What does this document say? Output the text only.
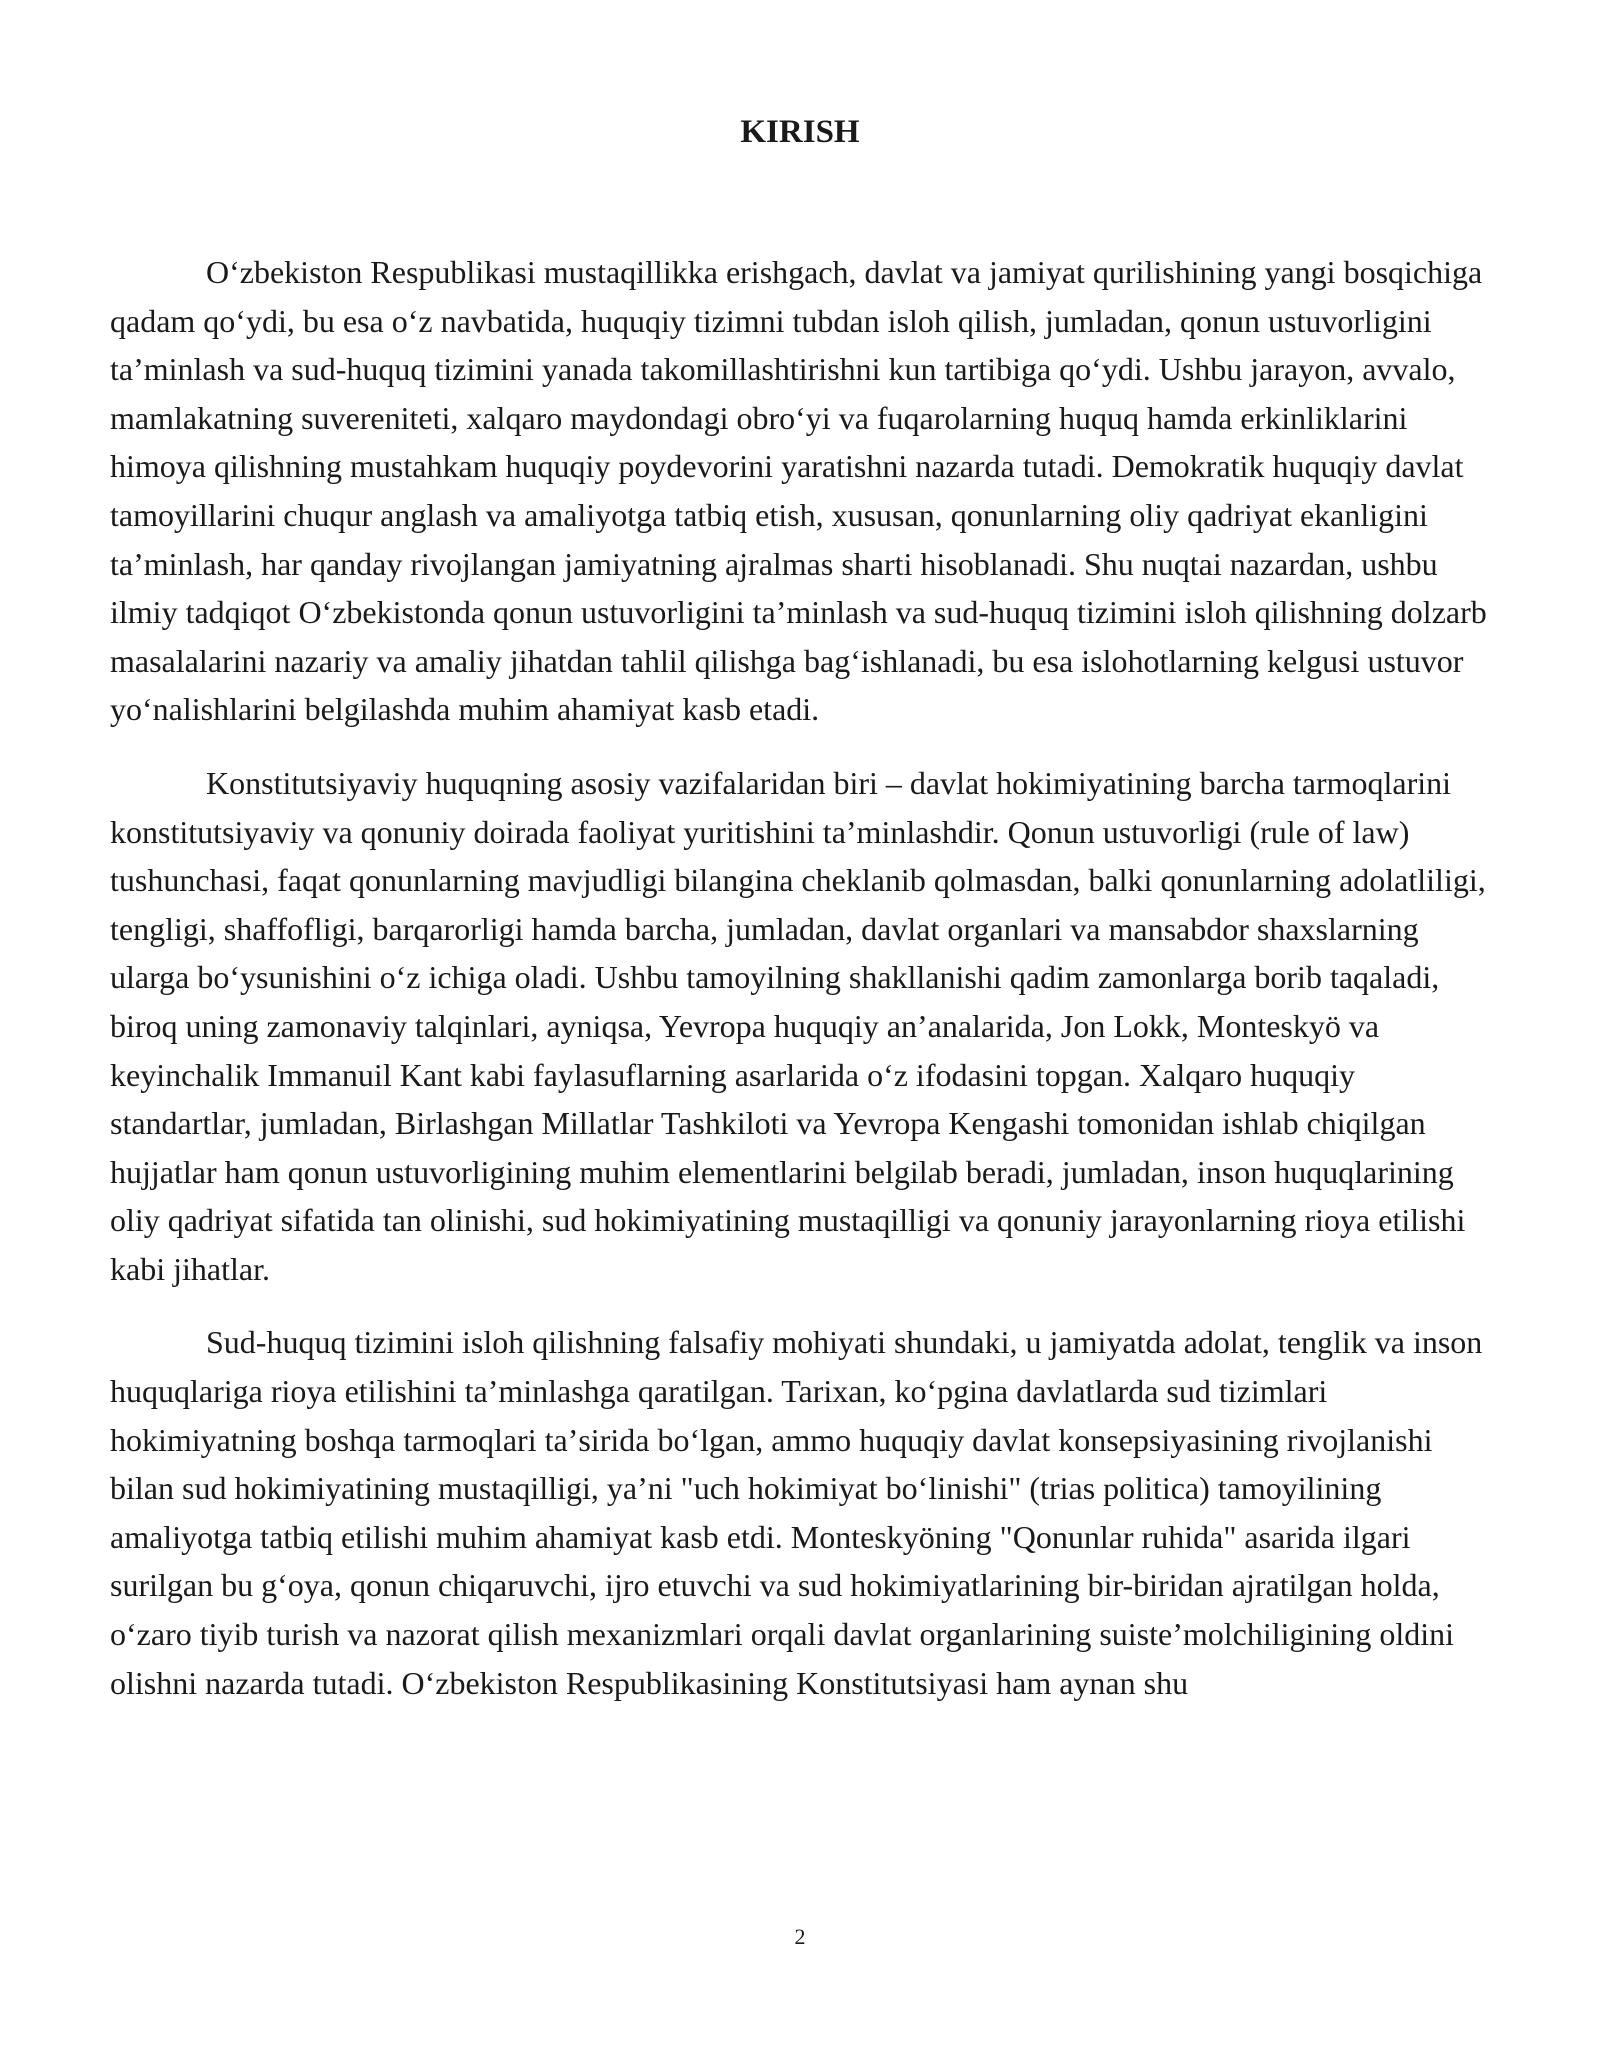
KIRISH

Oʻzbekiston Respublikasi mustaqillikka erishgach, davlat va jamiyat qurilishining yangi bosqichiga qadam qoʻydi, bu esa oʻz navbatida, huquqiy tizimni tubdan isloh qilish, jumladan, qonun ustuvorligini taʼminlash va sud-huquq tizimini yanada takomillashtirishni kun tartibiga qoʻydi. Ushbu jarayon, avvalo, mamlakatning suvereniteti, xalqaro maydondagi obroʻyi va fuqarolarning huquq hamda erkinliklarini himoya qilishning mustahkam huquqiy poydevorini yaratishni nazarda tutadi. Demokratik huquqiy davlat tamoyillarini chuqur anglash va amaliyotga tatbiq etish, xususan, qonunlarning oliy qadriyat ekanligini taʼminlash, har qanday rivojlangan jamiyatning ajralmas sharti hisoblanadi. Shu nuqtai nazardan, ushbu ilmiy tadqiqot Oʻzbekistonda qonun ustuvorligini taʼminlash va sud-huquq tizimini isloh qilishning dolzarb masalalarini nazariy va amaliy jihatdan tahlil qilishga bagʻishlanadi, bu esa islohotlarning kelgusi ustuvor yoʻnalishlarini belgilashda muhim ahamiyat kasb etadi.

Konstitutsiyaviy huquqning asosiy vazifalaridan biri – davlat hokimiyatining barcha tarmoqlarini konstitutsiyaviy va qonuniy doirada faoliyat yuritishini taʼminlashdir. Qonun ustuvorligi (rule of law) tushunchasi, faqat qonunlarning mavjudligi bilangina cheklanib qolmasdan, balki qonunlarning adolatliligi, tengligi, shaffofligi, barqarorligi hamda barcha, jumladan, davlat organlari va mansabdor shaxslarning ularga boʻysunishini oʻz ichiga oladi. Ushbu tamoyilning shakllanishi qadim zamonlarga borib taqaladi, biroq uning zamonaviy talqinlari, ayniqsa, Yevropa huquqiy anʼanalarida, Jon Lokk, Monteskyö va keyinchalik Immanuil Kant kabi faylasuflarning asarlarida oʻz ifodasini topgan. Xalqaro huquqiy standartlar, jumladan, Birlashgan Millatlar Tashkiloti va Yevropa Kengashi tomonidan ishlab chiqilgan hujjatlar ham qonun ustuvorligining muhim elementlarini belgilab beradi, jumladan, inson huquqlarining oliy qadriyat sifatida tan olinishi, sud hokimiyatining mustaqilligi va qonuniy jarayonlarning rioya etilishi kabi jihatlar.

Sud-huquq tizimini isloh qilishning falsafiy mohiyati shundaki, u jamiyatda adolat, tenglik va inson huquqlariga rioya etilishini taʼminlashga qaratilgan. Tarixan, koʻpgina davlatlarda sud tizimlari hokimiyatning boshqa tarmoqlari taʼsirida boʻlgan, ammo huquqiy davlat konsepsiyasining rivojlanishi bilan sud hokimiyatining mustaqilligi, yaʼni "uch hokimiyat boʻlinishi" (trias politica) tamoyilining amaliyotga tatbiq etilishi muhim ahamiyat kasb etdi. Monteskyöning "Qonunlar ruhida" asarida ilgari surilgan bu gʻoya, qonun chiqaruvchi, ijro etuvchi va sud hokimiyatlarining bir-biridan ajratilgan holda, oʻzaro tiyib turish va nazorat qilish mexanizmlari orqali davlat organlarining suisteʼmolchiligining oldini olishni nazarda tutadi. Oʻzbekiston Respublikasining Konstitutsiyasi ham aynan shu

2
